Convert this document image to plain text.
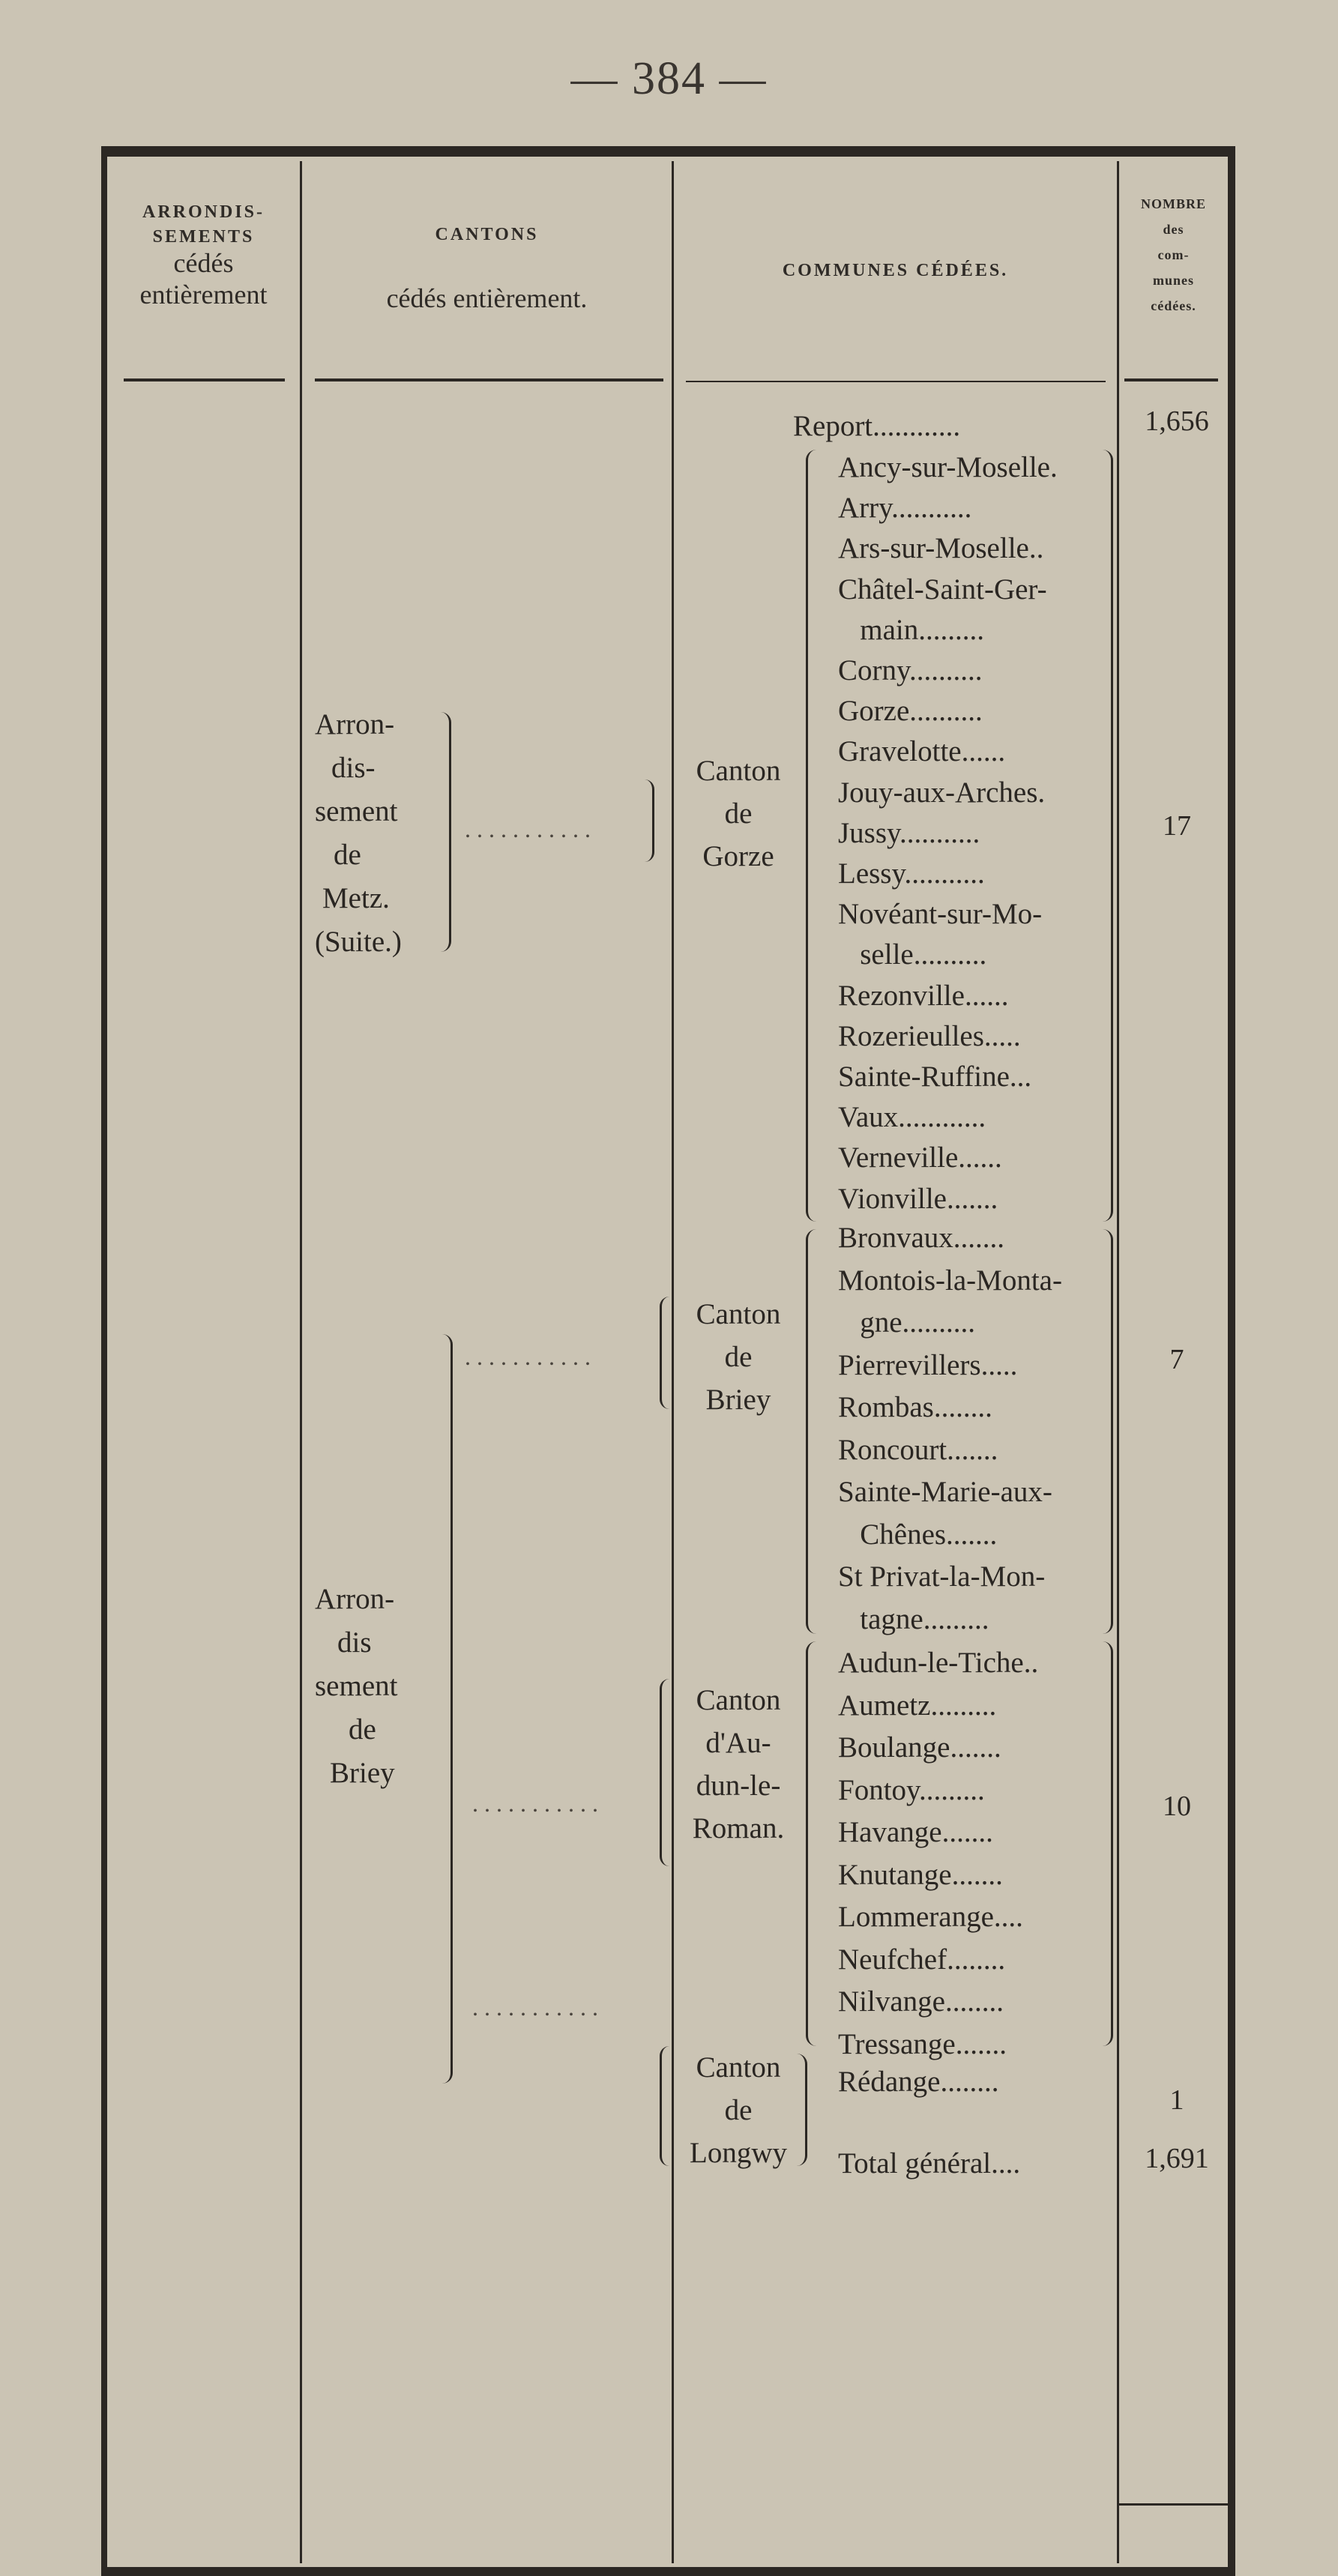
— 384 —
ARRONDIS-
SEMENTS
cédés
entièrement
CANTONS
cédés entièrement.
COMMUNES CÉDÉES.
NOMBRE
des
com-
munes
cédées.
Report............	1,656
Arron-
dis-
sement
de
Metz.
(Suite.)
...........
Canton
de
Gorze
17
...........
Canton
de
Briey
7
Arron-
dis
sement
de
Briey
...........
Canton
d'Au-
dun-le-
Roman.
10
...........
Canton
de
Longwy
1
Total général....	1,691
Ancy-sur-Moselle.
Arry...........
Ars-sur-Moselle..
Châtel-Saint-Ger-
main.........
Corny..........
Gorze..........
Gravelotte......
Jouy-aux-Arches.
Jussy...........
Lessy...........
Novéant-sur-Mo-
selle..........
Rezonville......
Rozerieulles.....
Sainte-Ruffine...
Vaux............
Verneville......
Vionville.......
Bronvaux.......
Montois-la-Monta-
gne..........
Pierrevillers.....
Rombas........
Roncourt.......
Sainte-Marie-aux-
Chênes.......
St Privat-la-Mon-
tagne.........
Audun-le-Tiche..
Aumetz.........
Boulange.......
Fontoy.........
Havange.......
Knutange.......
Lommerange....
Neufchef........
Nilvange........
Tressange.......
Rédange........
